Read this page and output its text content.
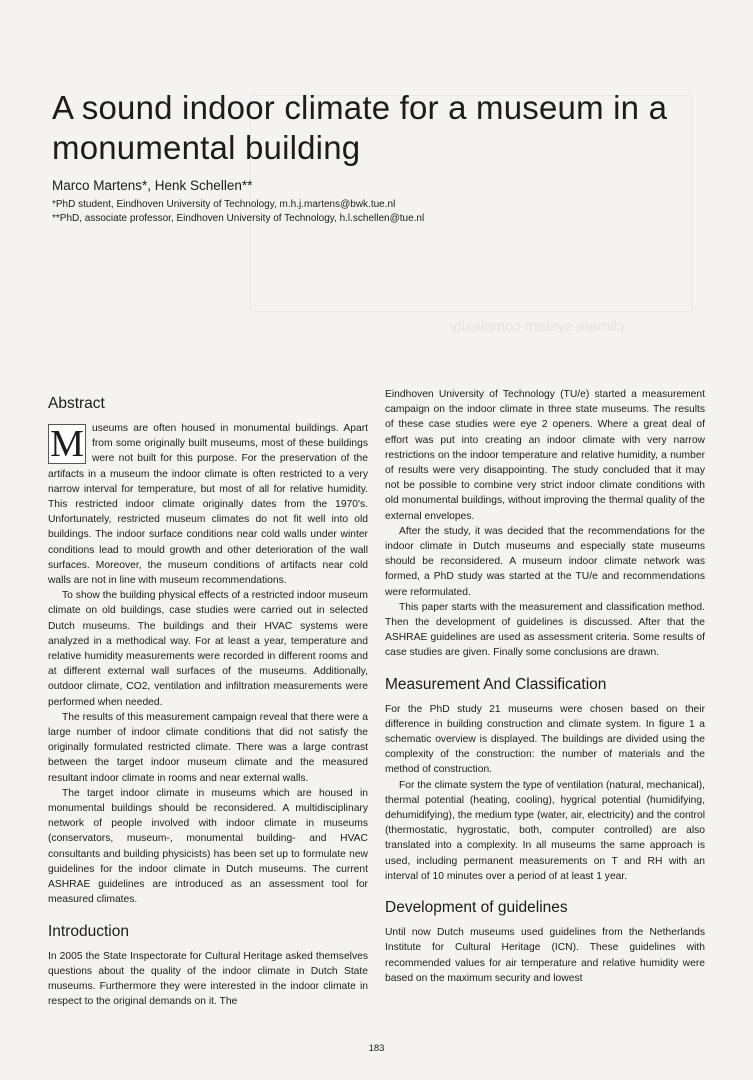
climate system complexity
A sound indoor climate for a museum in a monumental building
Marco Martens*, Henk Schellen**
*PhD student, Eindhoven University of Technology, m.h.j.martens@bwk.tue.nl
**PhD, associate professor, Eindhoven University of Technology, h.l.schellen@tue.nl
Abstract

M useums are often housed in monumental buildings. Apart from some originally built museums, most of these buildings were not built for this purpose. For the preservation of the artifacts in a museum the indoor climate is often restricted to a very narrow interval for temperature, but most of all for relative humidity. This restricted indoor climate originally dates from the 1970's. Unfortunately, restricted museum climates do not fit well into old buildings. The indoor surface conditions near cold walls under winter conditions lead to mould growth and other deterioration of the wall surfaces. Moreover, the museum conditions of artifacts near cold walls are not in line with museum recommendations.

To show the building physical effects of a restricted indoor museum climate on old buildings, case studies were carried out in selected Dutch museums. The buildings and their HVAC systems were analyzed in a methodical way. For at least a year, temperature and relative humidity measurements were recorded in different rooms and at different external wall surfaces of the museums. Additionally, outdoor climate, CO2, ventilation and infiltration measurements were performed when needed.

The results of this measurement campaign reveal that there were a large number of indoor climate conditions that did not satisfy the originally formulated restricted climate. There was a large contrast between the target indoor museum climate and the measured resultant indoor climate in rooms and near external walls.

The target indoor climate in museums which are housed in monumental buildings should be reconsidered. A multidisciplinary network of people involved with indoor climate in museums (conservators, museum-, monumental building- and HVAC consultants and building physicists) has been set up to formulate new guidelines for the indoor climate in Dutch museums. The current ASHRAE guidelines are introduced as an assessment tool for measured climates.

Introduction

In 2005 the State Inspectorate for Cultural Heritage asked themselves questions about the quality of the indoor climate in Dutch State museums. Furthermore they were interested in the indoor climate in respect to the original demands on it. The

Eindhoven University of Technology (TU/e) started a measurement campaign on the indoor climate in three state museums. The results of these case studies were eye 2 openers. Where a great deal of effort was put into creating an indoor climate with very narrow restrictions on the indoor temperature and relative humidity, a number of results were very disappointing. The study concluded that it may not be possible to combine very strict indoor climate conditions with old monumental buildings, without improving the thermal quality of the external envelopes.

After the study, it was decided that the recommendations for the indoor climate in Dutch museums and especially state museums should be reconsidered. A museum indoor climate network was formed, a PhD study was started at the TU/e and recommendations were reformulated.

This paper starts with the measurement and classification method. Then the development of guidelines is discussed. After that the ASHRAE guidelines are used as assessment criteria. Some results of case studies are given. Finally some conclusions are drawn.

Measurement And Classification

For the PhD study 21 museums were chosen based on their difference in building construction and climate system. In figure 1 a schematic overview is displayed. The buildings are divided using the complexity of the construction: the number of materials and the method of construction.

For the climate system the type of ventilation (natural, mechanical), thermal potential (heating, cooling), hygrical potential (humidifying, dehumidifying), the medium type (water, air, electricity) and the control (thermostatic, hygrostatic, both, computer controlled) are also translated into a complexity. In all museums the same approach is used, including permanent measurements on T and RH with an interval of 10 minutes over a period of at least 1 year.

Development of guidelines

Until now Dutch museums used guidelines from the Netherlands Institute for Cultural Heritage (ICN). These guidelines with recommended values for air temperature and relative humidity were based on the maximum security and lowest

183
